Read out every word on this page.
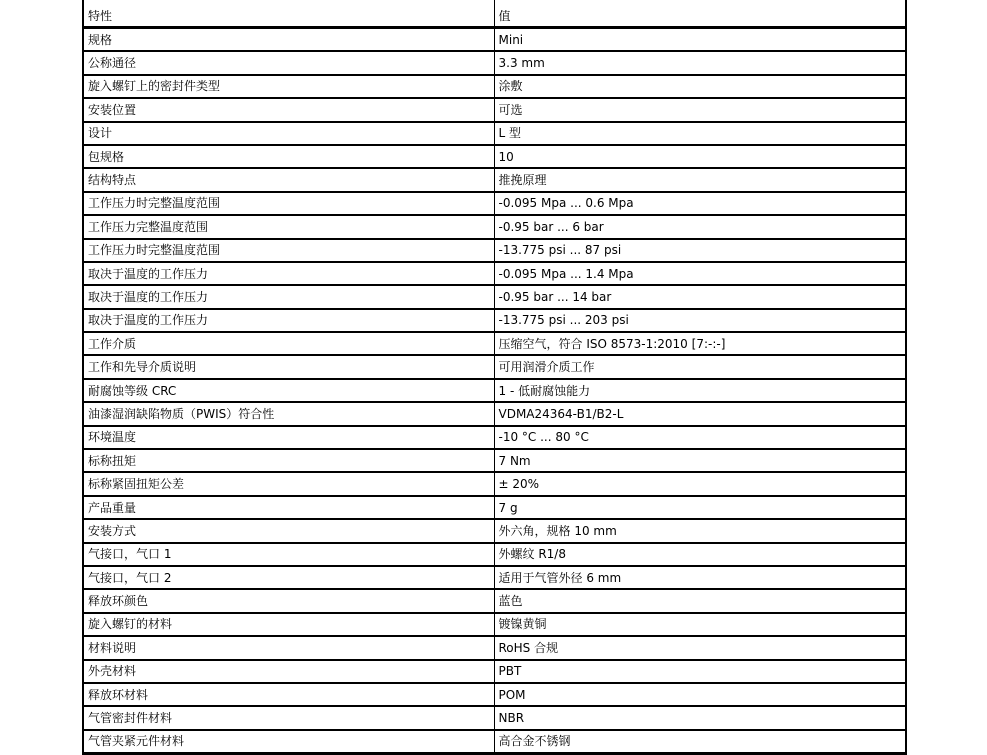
特性	值
规格	Mini
公称通径	3.3 mm
旋入螺钉上的密封件类型	涂敷
安装位置	可选
设计	L 型
包规格	10
结构特点	推挽原理
工作压力时完整温度范围	-0.095 Mpa ... 0.6 Mpa
工作压力完整温度范围	-0.95 bar ... 6 bar
工作压力时完整温度范围	-13.775 psi ... 87 psi
取决于温度的工作压力	-0.095 Mpa ... 1.4 Mpa
取决于温度的工作压力	-0.95 bar ... 14 bar
取决于温度的工作压力	-13.775 psi ... 203 psi
工作介质	压缩空气，符合 ISO 8573-1:2010 [7:-:-]
工作和先导介质说明	可用润滑介质工作
耐腐蚀等级 CRC	1 - 低耐腐蚀能力
油漆湿润缺陷物质（PWIS）符合性	VDMA24364-B1/B2-L
环境温度	-10 °C ... 80 °C
标称扭矩	7 Nm
标称紧固扭矩公差	± 20%
产品重量	7 g
安装方式	外六角，规格 10 mm
气接口，气口 1	外螺纹 R1/8
气接口，气口 2	适用于气管外径 6 mm
释放环颜色	蓝色
旋入螺钉的材料	镀镍黄铜
材料说明	RoHS 合规
外壳材料	PBT
释放环材料	POM
气管密封件材料	NBR
气管夹紧元件材料	高合金不锈钢
